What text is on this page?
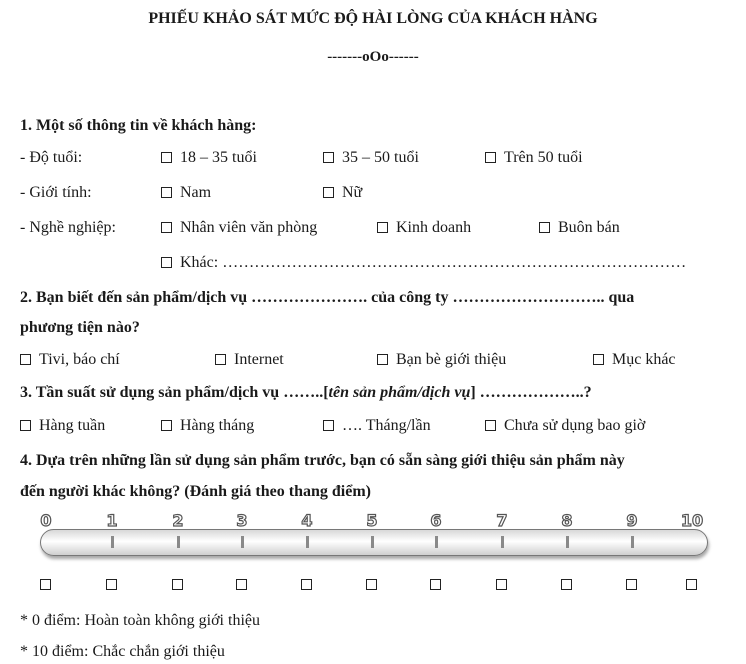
PHIẾU KHẢO SÁT MỨC ĐỘ HÀI LÒNG CỦA KHÁCH HÀNG
-------oOo------
1. Một số thông tin về khách hàng:
- Độ tuổi:	18 – 35 tuổi	35 – 50 tuổi	Trên 50 tuổi
- Giới tính:	Nam	Nữ
- Nghề nghiệp:	Nhân viên văn phòng	Kinh doanh	Buôn bán
Khác: ……………………………………………………………………………
2. Bạn biết đến sản phẩm/dịch vụ …………………. của công ty ……………………….. qua
phương tiện nào?
Tivi, báo chí	Internet	Bạn bè giới thiệu	Mục khác
3. Tần suất sử dụng sản phẩm/dịch vụ ……..[tên sản phẩm/dịch vụ] ………………..?
Hàng tuần	Hàng tháng	…. Tháng/lần	Chưa sử dụng bao giờ
4. Dựa trên những lần sử dụng sản phẩm trước, bạn có sẵn sàng giới thiệu sản phẩm này
đến người khác không? (Đánh giá theo thang điểm)
0	1	2	3	4	5	6	7	8	9	10
* 0 điểm: Hoàn toàn không giới thiệu
* 10 điểm: Chắc chắn giới thiệu
